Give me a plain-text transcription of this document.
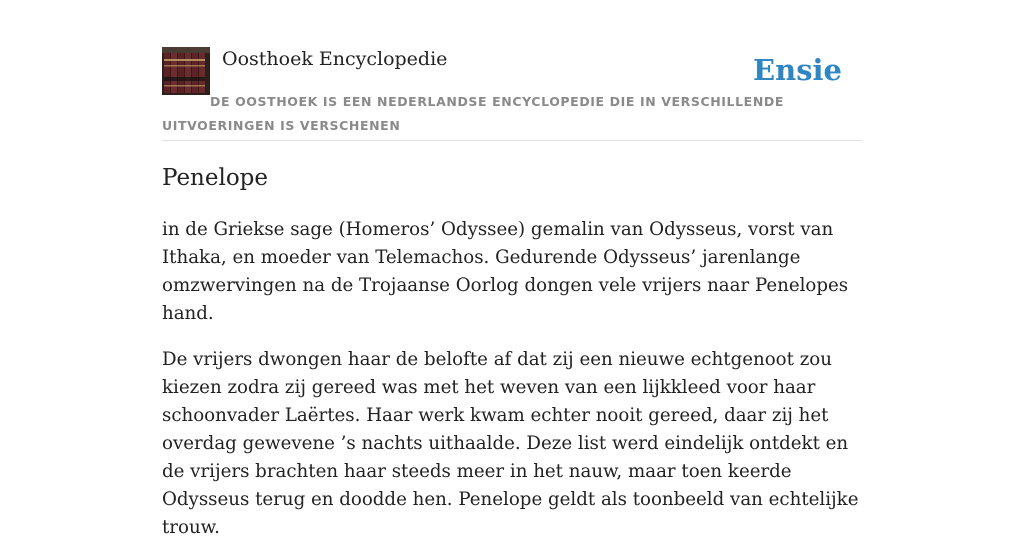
Oosthoek Encyclopedie	Ensie
DE OOSTHOEK IS EEN NEDERLANDSE ENCYCLOPEDIE DIE IN VERSCHILLENDE UITVOERINGEN IS VERSCHENEN
Penelope

in de Griekse sage (Homeros’ Odyssee) gemalin van Odysseus, vorst van Ithaka, en moeder van Telemachos. Gedurende Odysseus’ jarenlange omzwervingen na de Trojaanse Oorlog dongen vele vrijers naar Penelopes hand.

De vrijers dwongen haar de belofte af dat zij een nieuwe echtgenoot zou kiezen zodra zij gereed was met het weven van een lijkkleed voor haar schoonvader Laërtes. Haar werk kwam echter nooit gereed, daar zij het overdag gewevene ’s nachts uithaalde. Deze list werd eindelijk ontdekt en de vrijers brachten haar steeds meer in het nauw, maar toen keerde Odysseus terug en doodde hen. Penelope geldt als toonbeeld van echtelijke trouw.
